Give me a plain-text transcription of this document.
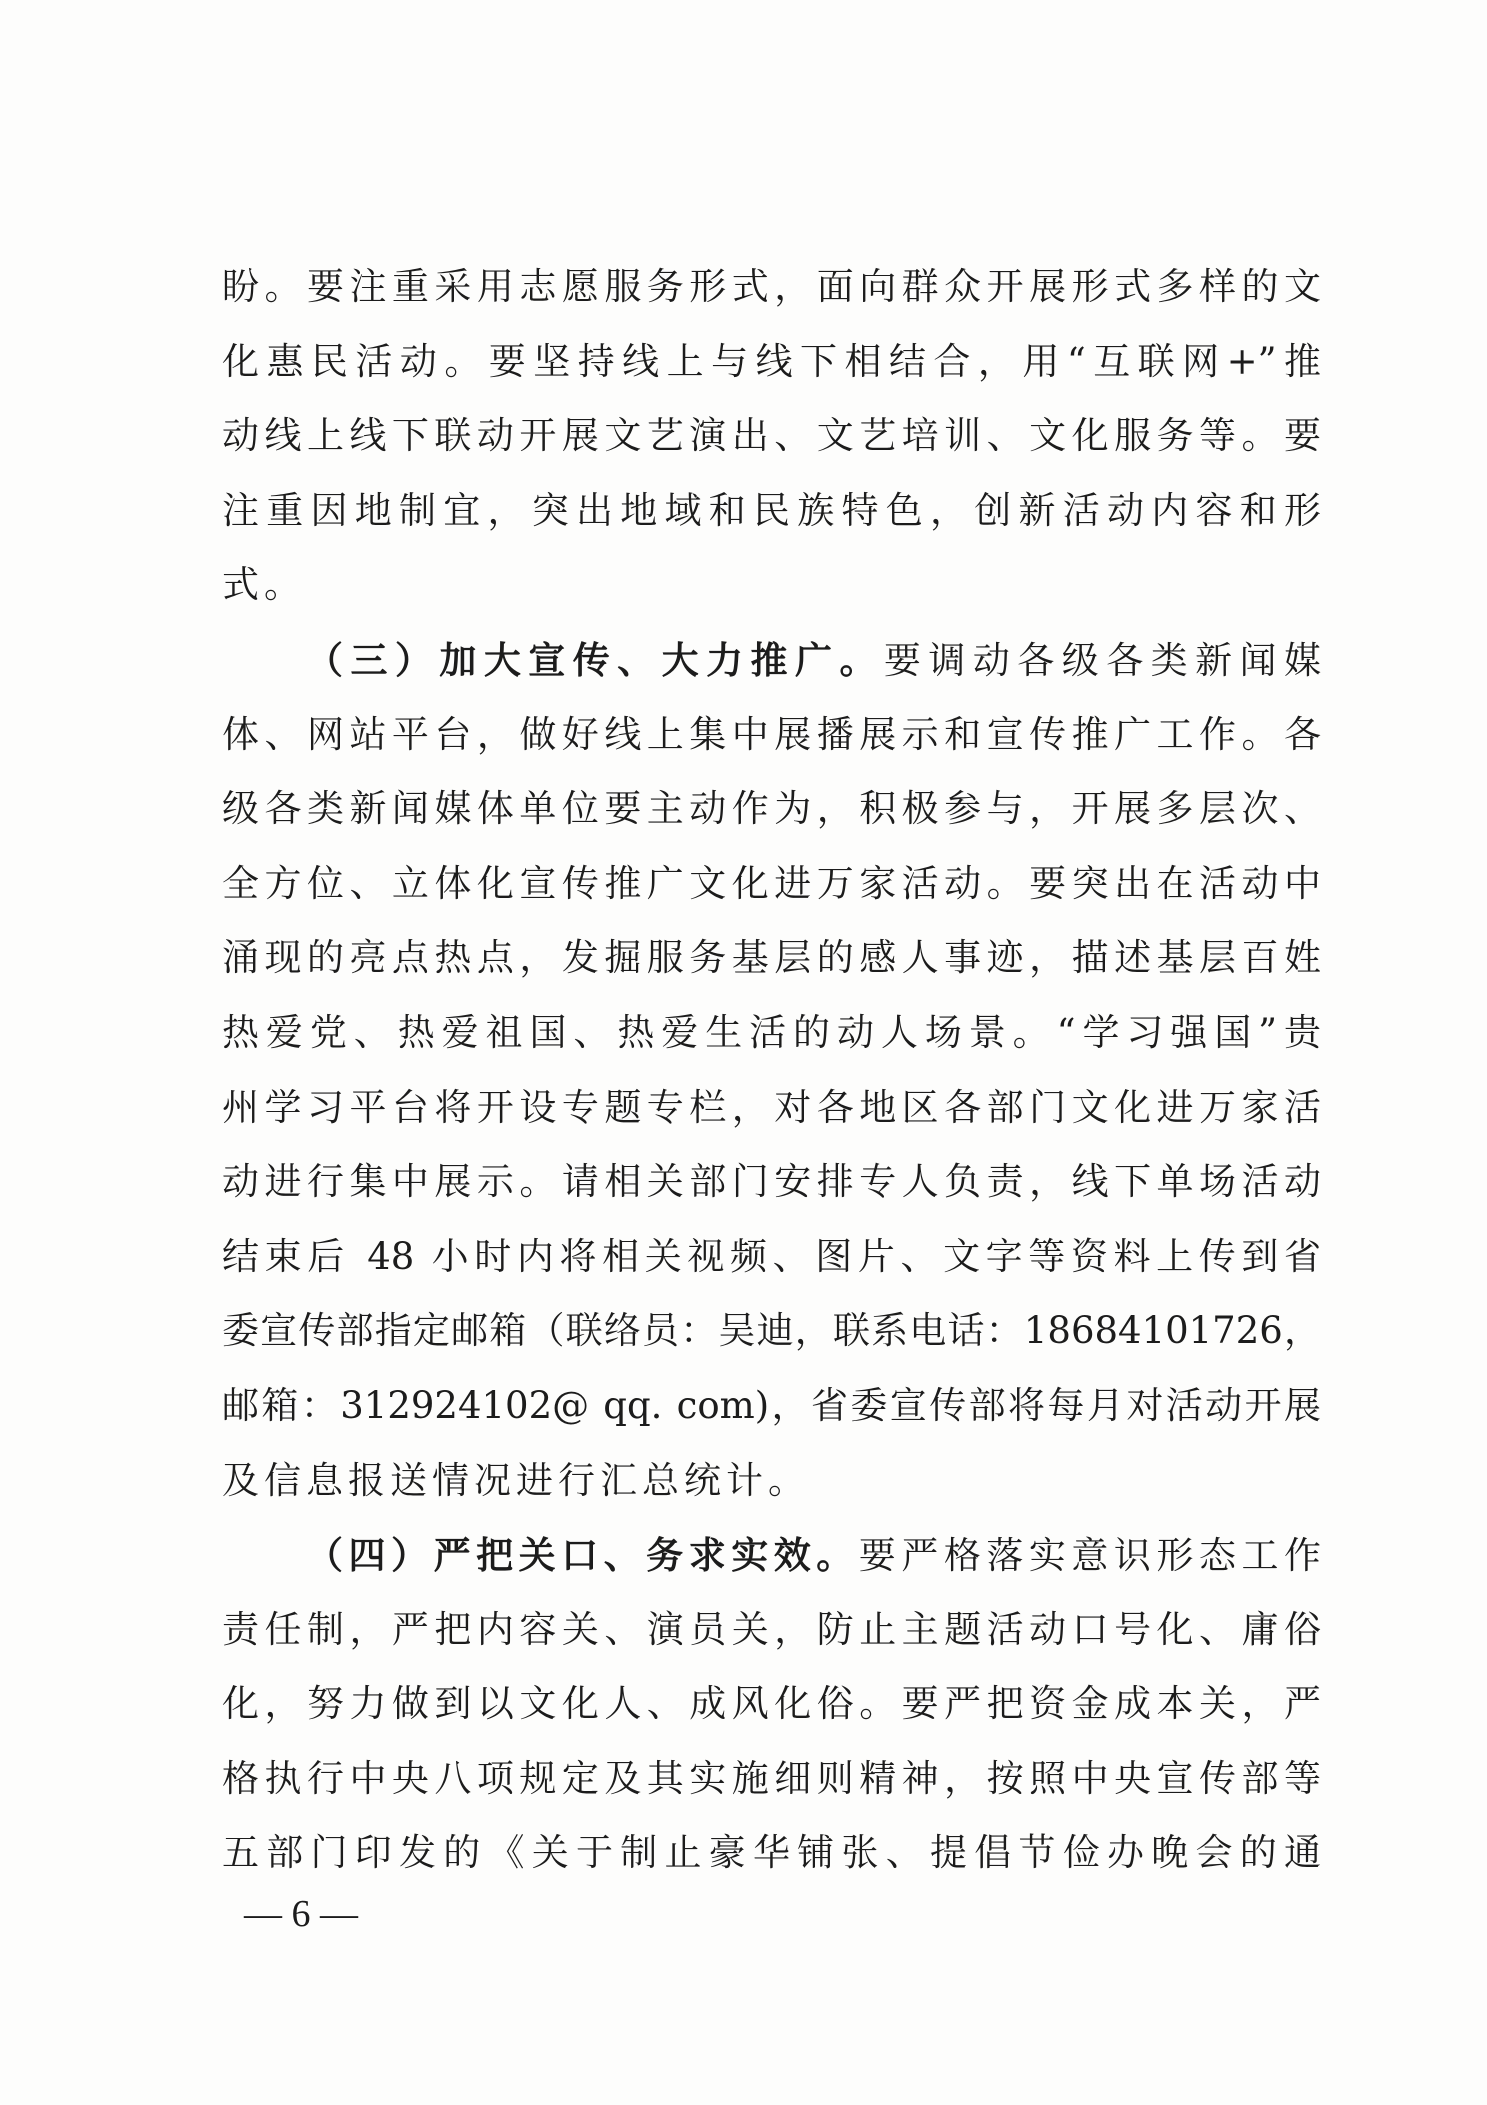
盼。要注重采用志愿服务形式，面向群众开展形式多样的文
化惠民活动。要坚持线上与线下相结合，用“互联网+”推
动线上线下联动开展文艺演出、文艺培训、文化服务等。要
注重因地制宜，突出地域和民族特色，创新活动内容和形
式。
（三）加大宣传、大力推广。要调动各级各类新闻媒
体、网站平台，做好线上集中展播展示和宣传推广工作。各
级各类新闻媒体单位要主动作为，积极参与，开展多层次、
全方位、立体化宣传推广文化进万家活动。要突出在活动中
涌现的亮点热点，发掘服务基层的感人事迹，描述基层百姓
热爱党、热爱祖国、热爱生活的动人场景。“学习强国”贵
州学习平台将开设专题专栏，对各地区各部门文化进万家活
动进行集中展示。请相关部门安排专人负责，线下单场活动
结束后 48 小时内将相关视频、图片、文字等资料上传到省
委宣传部指定邮箱（联络员：吴迪，联系电话：18684101726，
邮箱：312924102@ qq. com)，省委宣传部将每月对活动开展
及信息报送情况进行汇总统计。
（四）严把关口、务求实效。要严格落实意识形态工作
责任制，严把内容关、演员关，防止主题活动口号化、庸俗
化，努力做到以文化人、成风化俗。要严把资金成本关，严
格执行中央八项规定及其实施细则精神，按照中央宣传部等
五部门印发的《关于制止豪华铺张、提倡节俭办晚会的通
— 6 —
